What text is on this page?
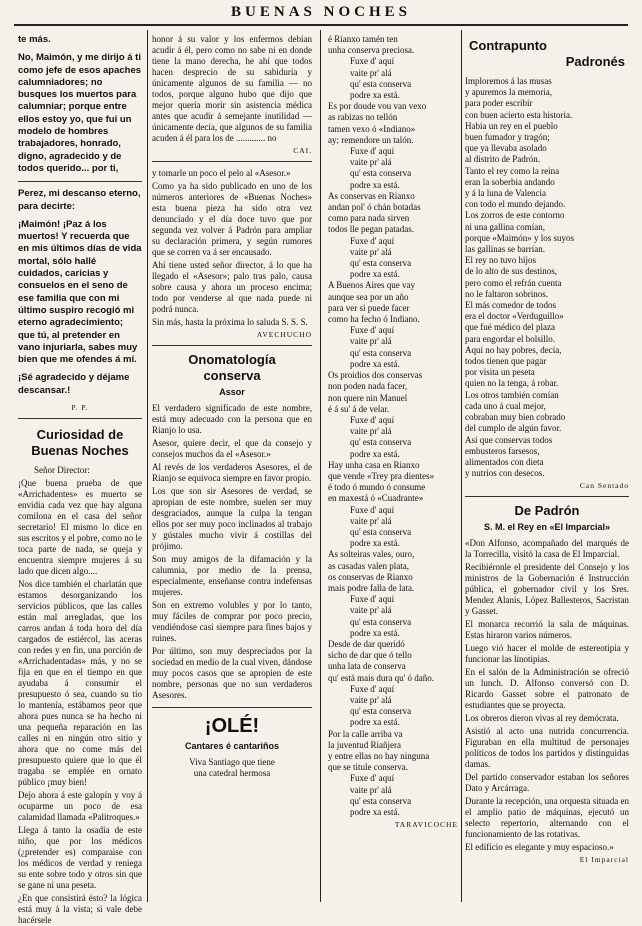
BUENAS NOCHES

te más.

No, Maimón, y me dirijo á ti como jefe de esos apaches calumniadores; no busques los muertos para calumniar; porque entre ellos estoy yo, que fui un modelo de hombres trabajadores, honrado, digno, agradecido y de todos querido... por ti,

Perez, mi descanso eterno, para decirte:

¡Maimón! ¡Paz á los muertos! Y recuerda que en mis últimos días de vida mortal, sólo hallé cuidados, caricias y consuelos en el seno de ese familia que con mi último suspiro recogió mi eterno agradecimiento; que tú, al pretender en vano injuriarla, sabes muy bien que me ofendes á mí.

¡Sé agradecido y déjame descansar.!

P. P.

Curiosidad de

Buenas Noches

Señor Director:

¡Que buena prueba de que «Arrichadentes» es muerto se envidia cada vez que hay alguna comilona en el casa del señor secretario! El mismo lo dice en sus escritos y el pobre, como no le toca parte de nada, se queja y encuentra siempre mujeres á su lado que dicen algo....

Nos dice también el charlatán que estamos desorganizando los servicios públicos, que las calles están mal arregladas, que los carros andan á toda hora del día cargados de estiércol, las aceras con redes y en fin, una porción de «Arrichadentadas» más, y no se fija en que en el tiempo en que ayudaba á consumir el presupuesto ó sea, cuando su tío lo mantenía, estábamos peor que ahora pues nunca se ha hecho ni una pequeña reparación en las calles ni en ningún otro sitio y ahora que no come más del presupuesto quiere que lo que él tragaba se emplée en ornato público ¡muy bien!

Dejo ahora á este galopín y voy á ocuparme un poco de esa calamidad llamada «Palitroques.»

Llega á tanto la osadía de este niño, que por los médicos (¿pretender es) comparaise con los médicos de verdad y reniega su ente sobre todo y otros sin que se gane ni una peseta.

¿En que consistirá ésto? la lógica está muy á la vista; si vale debe hacérsele

honor á su valor y los enfermos debían acudir á él, pero como no sabe ni en donde tiene la mano derecha, he ahí que todos hacen desprecio de su sabiduría y únicamente algunos de su familia — no todos, porque alguno hubo que dijo que mejor quería morir sin asistencia médica antes que acudir á semejante inutilidad — únicamente decía, que algunos de su familia acuden á él para los de ............. no

CAI.

y tomarle un poco el pelo al «Asesor.»

Como ya ha sido publicado en uno de los números anteriores de «Buenas Noches» esta buena pieza ha sido otra vez denunciado y el día doce tuvo que por segunda vez volver á Padrón para ampliar su declaración primera, y según rumores que se corren va á ser encausado.

Ahí tiene usted señor director, á lo que ha llegado el «Asesor»; palo tras palo, causa sobre causa y ahora un proceso encima; todo por venderse al que nada puede ni podrá nunca.

Sin más, hasta la próxima lo saluda S. S. S.

AVECHUCHO

Onomatología

conserva

Assor

El verdadero significado de este nombre, está muy adecuado con la persona que en Rianjo lo usa.

Asesor, quiere decir, el que da consejo y consejos muchos da el «Asesor.»

Al revés de los verdaderos Asesores, el de Rianjo se equivoca siempre en favor propio.

Los que son sir Asesores de verdad, se apropian de este nombre, suelen ser muy desgraciados, aunque la culpa la tengan ellos por ser muy poco inclinados al trabajo y gústales mucho vivir á costillas del prójimo.

Son muy amigos de la difamación y la calumnia, por medio de la prensa, especialmente, enseñanse contra indefensas mujeres.

Son en extremo volubles y por lo tanto, muy fáciles de comprar por poco precio, vendiéndose casi siempre para fines bajos y ruines.

Por último, son muy despreciados por la sociedad en medio de la cual viven, dándose muy pocos casos que se apropien de este nombre, personas que no sun verdaderos Asesores.

¡OLÉ!

Cantares é cantariños

Viva Santiago que tiene

una catedral hermosa

é Rianxo tamén ten

unha conserva preciosa.

Fuxe d' aquí

vaite pr' alá

qu' esta conserva

podre xa está.

Es por doude vou van vexo

as rabizas no tellón

tamen vexo ó «Indiano»

ay; remendore un talón.

Fuxe d' aquí

vaite pr' alá

qu' esta conserva

podre xa está.

As conservas en Rianxo

andan pol' ó chán botadas

como para nada sirven

todos lle pegan patadas.

Fuxe d' aquí

vaite pr' alá

qu' esta conserva

podre xa está.

A Buenos Aires que vay

aunque sea por un año

para ver si puede facer

como ha fecho ó Indiano.

Fuxe d' aquí

vaite pr' alá

qu' esta conserva

podre xa está.

Os proidíos dos conservas

non poden nada facer,

non quere nin Manuel

é á su' á de velar.

Fuxe d' aquí

vaite pr' alá

qu' esta conserva

podre xa está.

Hay unha casa en Rianxo

que vende «Trey pra dientes»

é todo ó mundo ó consume

en maxestá ó «Cuadrante»

Fuxe d' aquí

vaite pr' alá

qu' esta conserva

podre xa está.

As solteiras vales, ouro,

as casadas valen plata,

os conservas de Rianxo

mais podre falla de lata.

Fuxe d' aquí

vaite pr' alá

qu' esta conserva

podre xa está.

Desde de dar queridó

sicho de dar que ó tello

unha lata de conserva

qu' está mais dura qu' ó daño.

Fuxe d' aquí

vaite pr' alá

qu' esta conserva

podre xa está.

Por la calle arriba va

la juventud Riañjera

y entre ellas no hay ninguna

que se titule conserva.

Fuxe d' aquí

vaite pr' alá

qu' esta conserva

podre xa está.

TARAVICOCHE

Contrapunto

Padronés

Imploremos á las musas

y apuremos la memoria,

para poder escribir

con buen acierto esta historia.

Había un rey en el pueblo

buen fumador y tragón;

que ya llevaba asolado

al distrito de Padrón.

Tanto el rey como la reina

eran la soberbia andando

y á la luna de Valencia

con todo el mundo dejando.

Los zorros de este contorno

ni una gallina comían,

porque «Maimón» y los suyos

las gallinas se barrían.

El rey no tuvo hijos

de lo alto de sus destinos,

pero como el refrán cuenta

no le faltaron sobrinos.

El más comedor de todos

era el doctor «Verduguillo»

que fué médico del plaza

para engordar el bolsillo.

Aquí no hay pobres, decía,

todos tienen que pagar

por visita un peseta

quien no la tenga, á robar.

Los otros también comían

cada uno á cual mejor,

cobraban muy bien cobrado

del cumplo de algún favor.

Así que conservas todos

embusteros farsesos,

alimentados con dieta

y nutrios con desecos.

Can Sentado

De Padrón

S. M. el Rey en «El Imparcial»

«Don Alfonso, acompañado del marqués de la Torrecilla, visitó la casa de El Imparcial.

Recibiéronle el presidente del Consejo y los ministros de la Gobernación é Instrucción pública, el gobernador civil y los Sres. Mendez Alanis, López Ballesteros, Sacristan y Gasset.

El monarca recorrió la sala de máquinas. Estas hiraron varios números.

Luego vió hacer el molde de estereotipia y funcionar las linotipias.

En el salón de la Administración se ofreció un lunch. D. Alfonso conversó con D. Ricardo Gasset sobre el patronato de estudiantes que se proyecta.

Los obreros dieron vivas al rey demócrata.

Asistió al acto una nutrida concurrencia. Figuraban en ella multitud de personajes políticos de todos los partidos y distinguidas damas.

Del partido conservador estaban los señores Dato y Arcárraga.

Durante la recepción, una orquesta situada en el amplio patio de máquinas, ejecutó un selecto repertorio, alternando con el funcionamiento de las rotativas.

El edificio es elegante y muy espacioso.»

El Imparcial
